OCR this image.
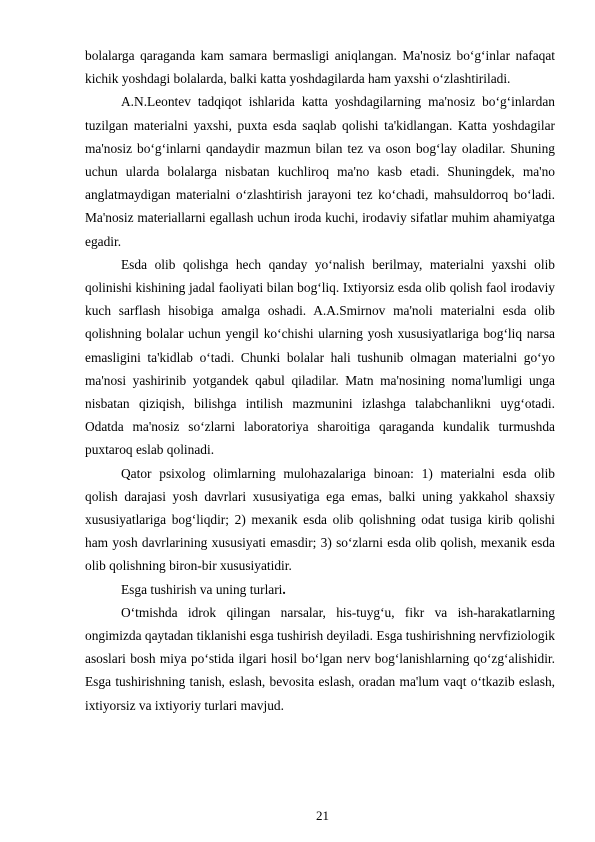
bolalarga qaraganda kam samara bermasligi aniqlangan. Ma'nosiz bo‘g‘inlar nafaqat kichik yoshdagi bolalarda, balki katta yoshdagilarda ham yaxshi o‘zlashtiriladi.

A.N.Leontev tadqiqot ishlarida katta yoshdagilarning ma'nosiz bo‘g‘inlardan tuzilgan materialni yaxshi, puxta esda saqlab qolishi ta'kidlangan. Katta yoshdagilar ma'nosiz bo‘g‘inlarni qandaydir mazmun bilan tez va oson bog‘lay oladilar. Shuning uchun ularda bolalarga nisbatan kuchliroq ma'no kasb etadi. Shuningdek, ma'no anglatmaydigan materialni o‘zlashtirish jarayoni tez ko‘chadi, mahsuldorroq bo‘ladi. Ma'nosiz materiallarni egallash uchun iroda kuchi, irodaviy sifatlar muhim ahamiyatga egadir.

Esda olib qolishga hech qanday yo‘nalish berilmay, materialni yaxshi olib qolinishi kishining jadal faoliyati bilan bog‘liq. Ixtiyorsiz esda olib qolish faol irodaviy kuch sarflash hisobiga amalga oshadi. A.A.Smirnov ma'noli materialni esda olib qolishning bolalar uchun yengil ko‘chishi ularning yosh xususiyatlariga bog‘liq narsa emasligini ta'kidlab o‘tadi. Chunki bolalar hali tushunib olmagan materialni go‘yo ma'nosi yashirinib yotgandek qabul qiladilar. Matn ma'nosining noma'lumligi unga nisbatan qiziqish, bilishga intilish mazmunini izlashga talabchanlikni uyg‘otadi. Odatda ma'nosiz so‘zlarni laboratoriya sharoitiga qaraganda kundalik turmushda puxtaroq eslab qolinadi.

Qator psixolog olimlarning mulohazalariga binoan: 1) materialni esda olib qolish darajasi yosh davrlari xususiyatiga ega emas, balki uning yakkahol shaxsiy xususiyatlariga bog‘liqdir; 2) mexanik esda olib qolishning odat tusiga kirib qolishi ham yosh davrlarining xususiyati emasdir; 3) so‘zlarni esda olib qolish, mexanik esda olib qolishning biron-bir xususiyatidir.

Esga tushirish va uning turlari.

O‘tmishda idrok qilingan narsalar, his-tuyg‘u, fikr va ish-harakatlarning ongimizda qaytadan tiklanishi esga tushirish deyiladi. Esga tushirishning nervfiziologik asoslari bosh miya po‘stida ilgari hosil bo‘lgan nerv bog‘lanishlarning qo‘zg‘alishidir. Esga tushirishning tanish, eslash, bevosita eslash, oradan ma'lum vaqt o‘tkazib eslash, ixtiyorsiz va ixtiyoriy turlari mavjud.

21
